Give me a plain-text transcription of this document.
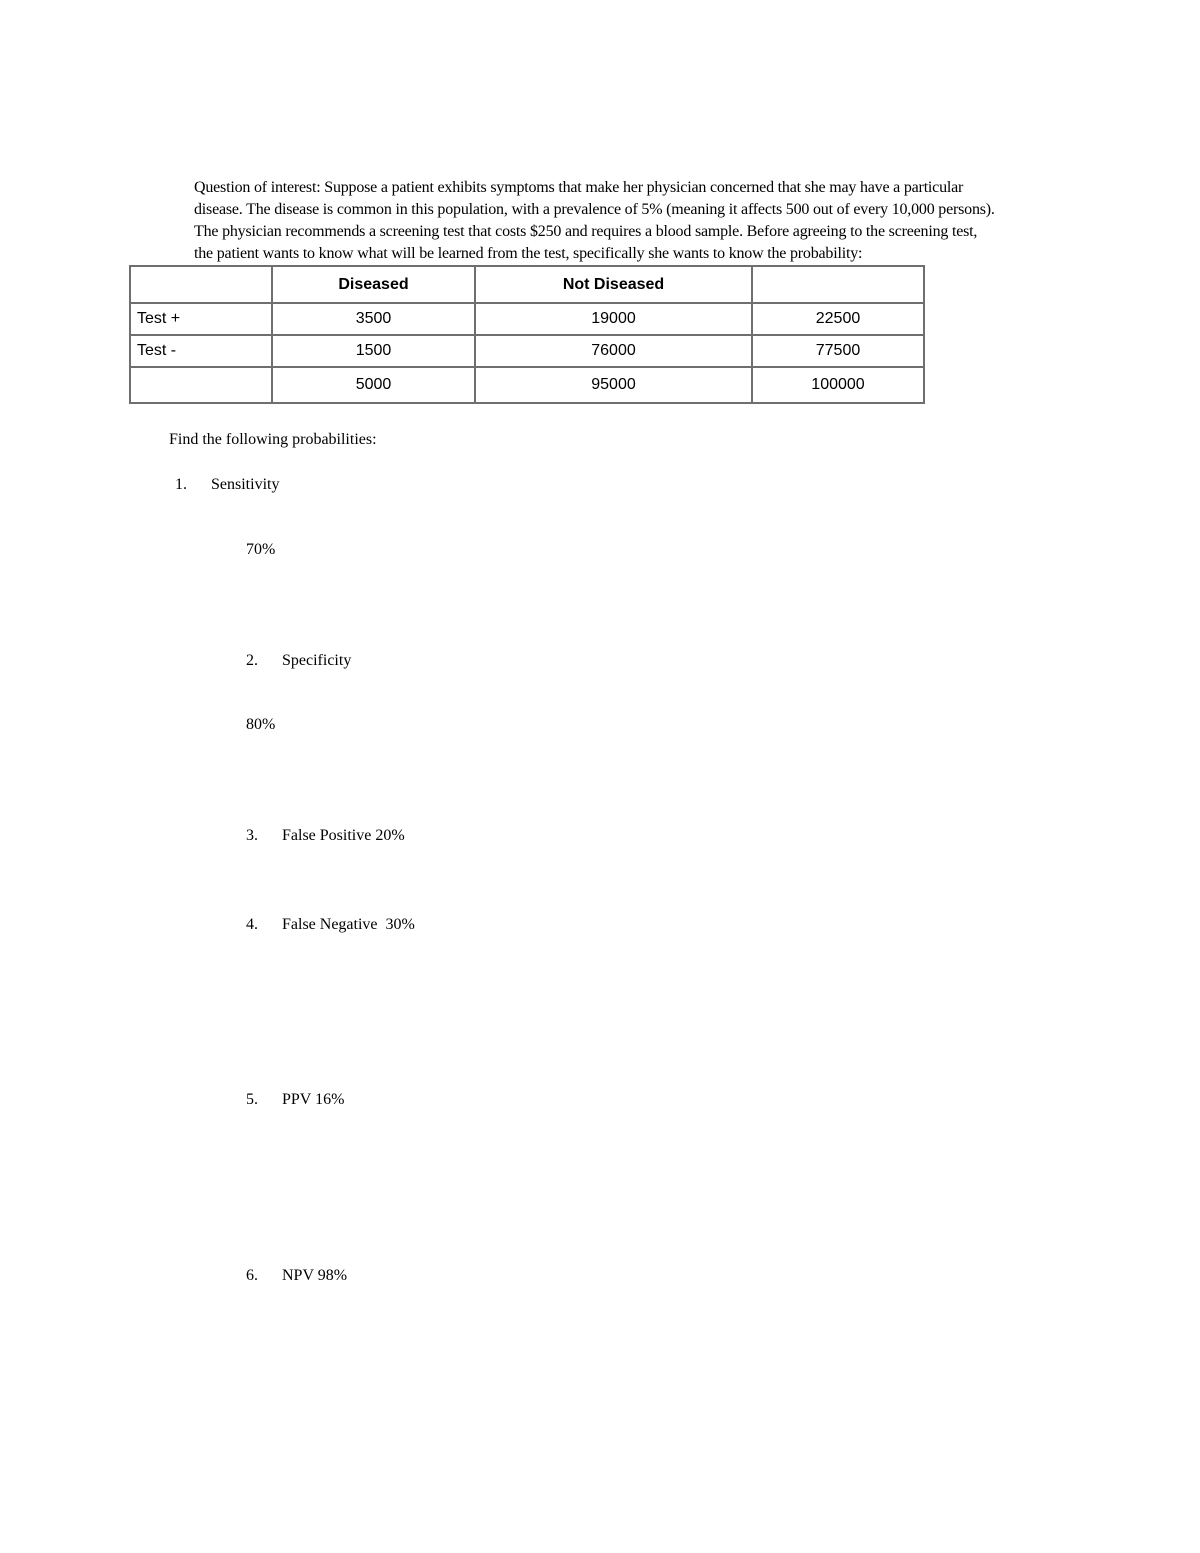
Question of interest: Suppose a patient exhibits symptoms that make her physician concerned that she may have a particular
disease. The disease is common in this population, with a prevalence of 5% (meaning it affects 500 out of every 10,000 persons).
The physician recommends a screening test that costs $250 and requires a blood sample. Before agreeing to the screening test,
the patient wants to know what will be learned from the test, specifically she wants to know the probability:
	Diseased	Not Diseased	
Test +	3500	19000	22500
Test -	1500	76000	77500
	5000	95000	100000
Find the following probabilities:
1. Sensitivity
70%
2. Specificity
80%
3. False Positive 20%
4. False Negative  30%
5. PPV 16%
6. NPV 98%
